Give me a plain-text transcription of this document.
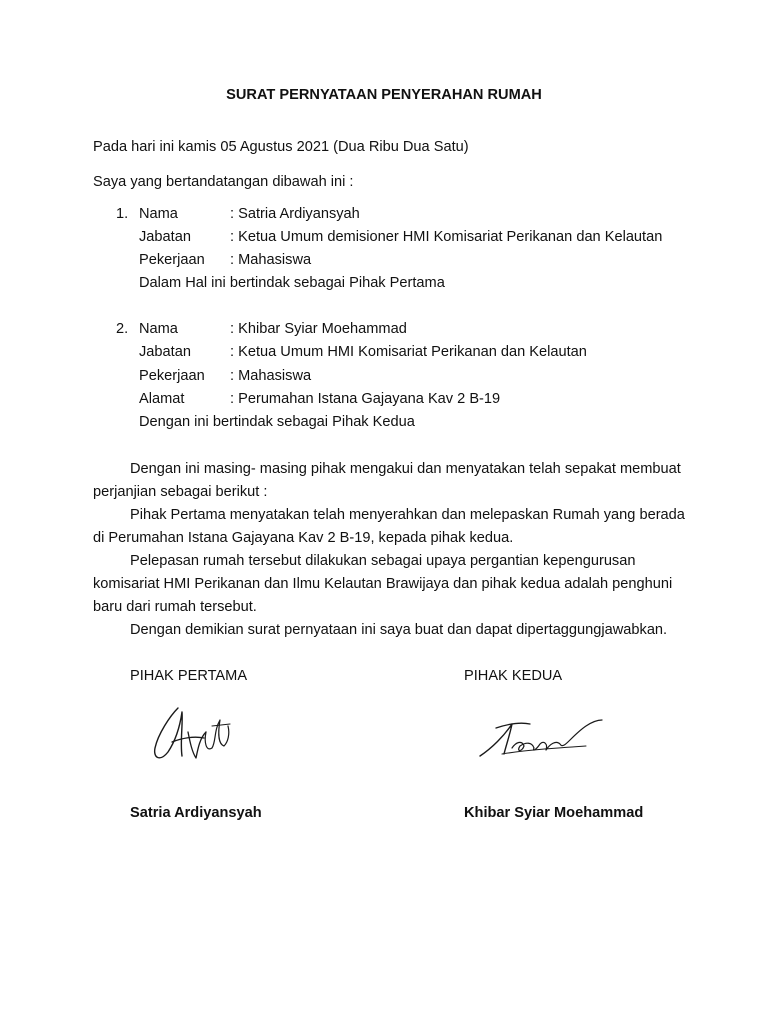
SURAT PERNYATAAN PENYERAHAN RUMAH
Pada hari ini kamis 05 Agustus 2021 (Dua Ribu Dua Satu)
Saya yang bertandatangan dibawah ini :
1. Nama	: Satria Ardiyansyah
Jabatan	: Ketua Umum demisioner HMI Komisariat Perikanan dan Kelautan
Pekerjaan : Mahasiswa
Dalam Hal ini bertindak sebagai Pihak Pertama
2. Nama	: Khibar Syiar Moehammad
Jabatan	: Ketua Umum HMI Komisariat Perikanan dan Kelautan
Pekerjaan : Mahasiswa
Alamat	: Perumahan Istana Gajayana Kav 2 B-19
Dengan ini bertindak sebagai Pihak Kedua
Dengan ini masing- masing pihak mengakui dan menyatakan telah sepakat membuat
perjanjian sebagai berikut :
Pihak Pertama menyatakan telah menyerahkan dan melepaskan Rumah yang berada
di Perumahan Istana Gajayana Kav 2 B-19, kepada pihak kedua.
Pelepasan rumah tersebut dilakukan sebagai upaya pergantian kepengurusan
komisariat HMI Perikanan dan Ilmu Kelautan Brawijaya dan pihak kedua adalah penghuni
baru dari rumah tersebut.
Dengan demikian surat pernyataan ini saya buat dan dapat dipertaggungjawabkan.
PIHAK PERTAMA	PIHAK KEDUA
Satria Ardiyansyah	Khibar Syiar Moehammad
